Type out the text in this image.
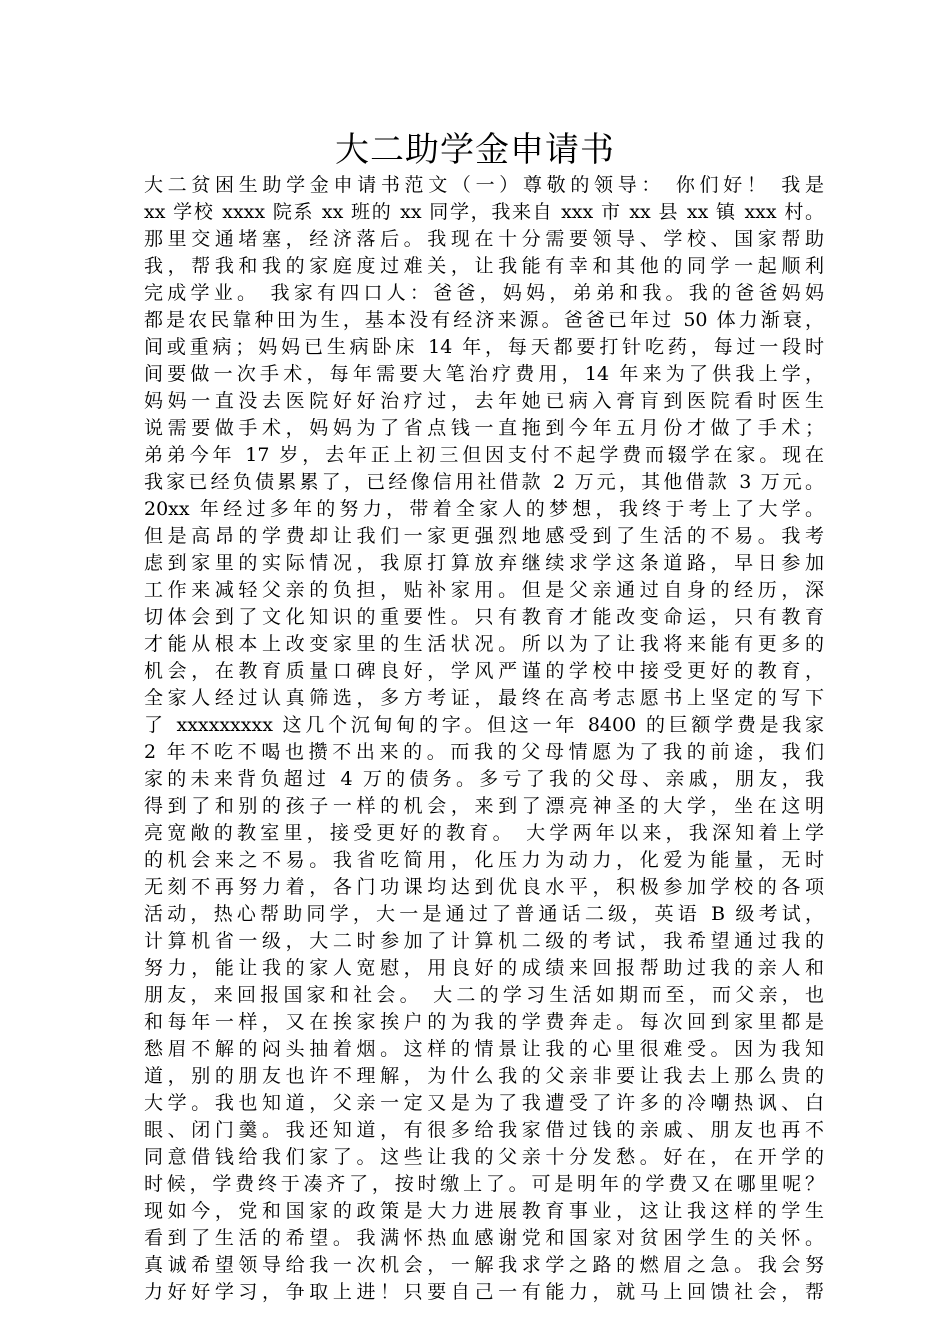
大二助学金申请书
大二贫困生助学金申请书范文（一）尊敬的领导： 你们好！ 我是
xx 学校 xxxx 院系 xx 班的 xx 同学，我来自 xxx 市 xx 县 xx 镇 xxx 村。
那里交通堵塞，经济落后。我现在十分需要领导、学校、国家帮助
我，帮我和我的家庭度过难关，让我能有幸和其他的同学一起顺利
完成学业。 我家有四口人：爸爸，妈妈，弟弟和我。我的爸爸妈妈
都是农民靠种田为生，基本没有经济来源。爸爸已年过 50 体力渐衰，
间或重病；妈妈已生病卧床 14 年，每天都要打针吃药，每过一段时
间要做一次手术，每年需要大笔治疗费用，14 年来为了供我上学，
妈妈一直没去医院好好治疗过，去年她已病入膏肓到医院看时医生
说需要做手术，妈妈为了省点钱一直拖到今年五月份才做了手术；
弟弟今年 17 岁，去年正上初三但因支付不起学费而辍学在家。现在
我家已经负债累累了，已经像信用社借款 2 万元，其他借款 3 万元。
20xx 年经过多年的努力，带着全家人的梦想，我终于考上了大学。
但是高昂的学费却让我们一家更强烈地感受到了生活的不易。我考
虑到家里的实际情况，我原打算放弃继续求学这条道路，早日参加
工作来减轻父亲的负担，贴补家用。但是父亲通过自身的经历，深
切体会到了文化知识的重要性。只有教育才能改变命运，只有教育
才能从根本上改变家里的生活状况。所以为了让我将来能有更多的
机会，在教育质量口碑良好，学风严谨的学校中接受更好的教育，
全家人经过认真筛选，多方考证，最终在高考志愿书上坚定的写下
了 xxxxxxxxx 这几个沉甸甸的字。但这一年 8400 的巨额学费是我家
2 年不吃不喝也攒不出来的。而我的父母情愿为了我的前途，我们
家的未来背负超过 4 万的债务。多亏了我的父母、亲戚，朋友，我
得到了和别的孩子一样的机会，来到了漂亮神圣的大学，坐在这明
亮宽敞的教室里，接受更好的教育。 大学两年以来，我深知着上学
的机会来之不易。我省吃简用，化压力为动力，化爱为能量，无时
无刻不再努力着，各门功课均达到优良水平，积极参加学校的各项
活动，热心帮助同学，大一是通过了普通话二级，英语 B 级考试，
计算机省一级，大二时参加了计算机二级的考试，我希望通过我的
努力，能让我的家人宽慰，用良好的成绩来回报帮助过我的亲人和
朋友，来回报国家和社会。 大二的学习生活如期而至，而父亲，也
和每年一样，又在挨家挨户的为我的学费奔走。每次回到家里都是
愁眉不解的闷头抽着烟。这样的情景让我的心里很难受。因为我知
道，别的朋友也许不理解，为什么我的父亲非要让我去上那么贵的
大学。我也知道，父亲一定又是为了我遭受了许多的冷嘲热讽、白
眼、闭门羹。我还知道，有很多给我家借过钱的亲戚、朋友也再不
同意借钱给我们家了。这些让我的父亲十分发愁。好在，在开学的
时候，学费终于凑齐了，按时缴上了。可是明年的学费又在哪里呢？
现如今，党和国家的政策是大力进展教育事业，这让我这样的学生
看到了生活的希望。我满怀热血感谢党和国家对贫困学生的关怀。
真诚希望领导给我一次机会，一解我求学之路的燃眉之急。我会努
力好好学习，争取上进！只要自己一有能力，就马上回馈社会，帮
